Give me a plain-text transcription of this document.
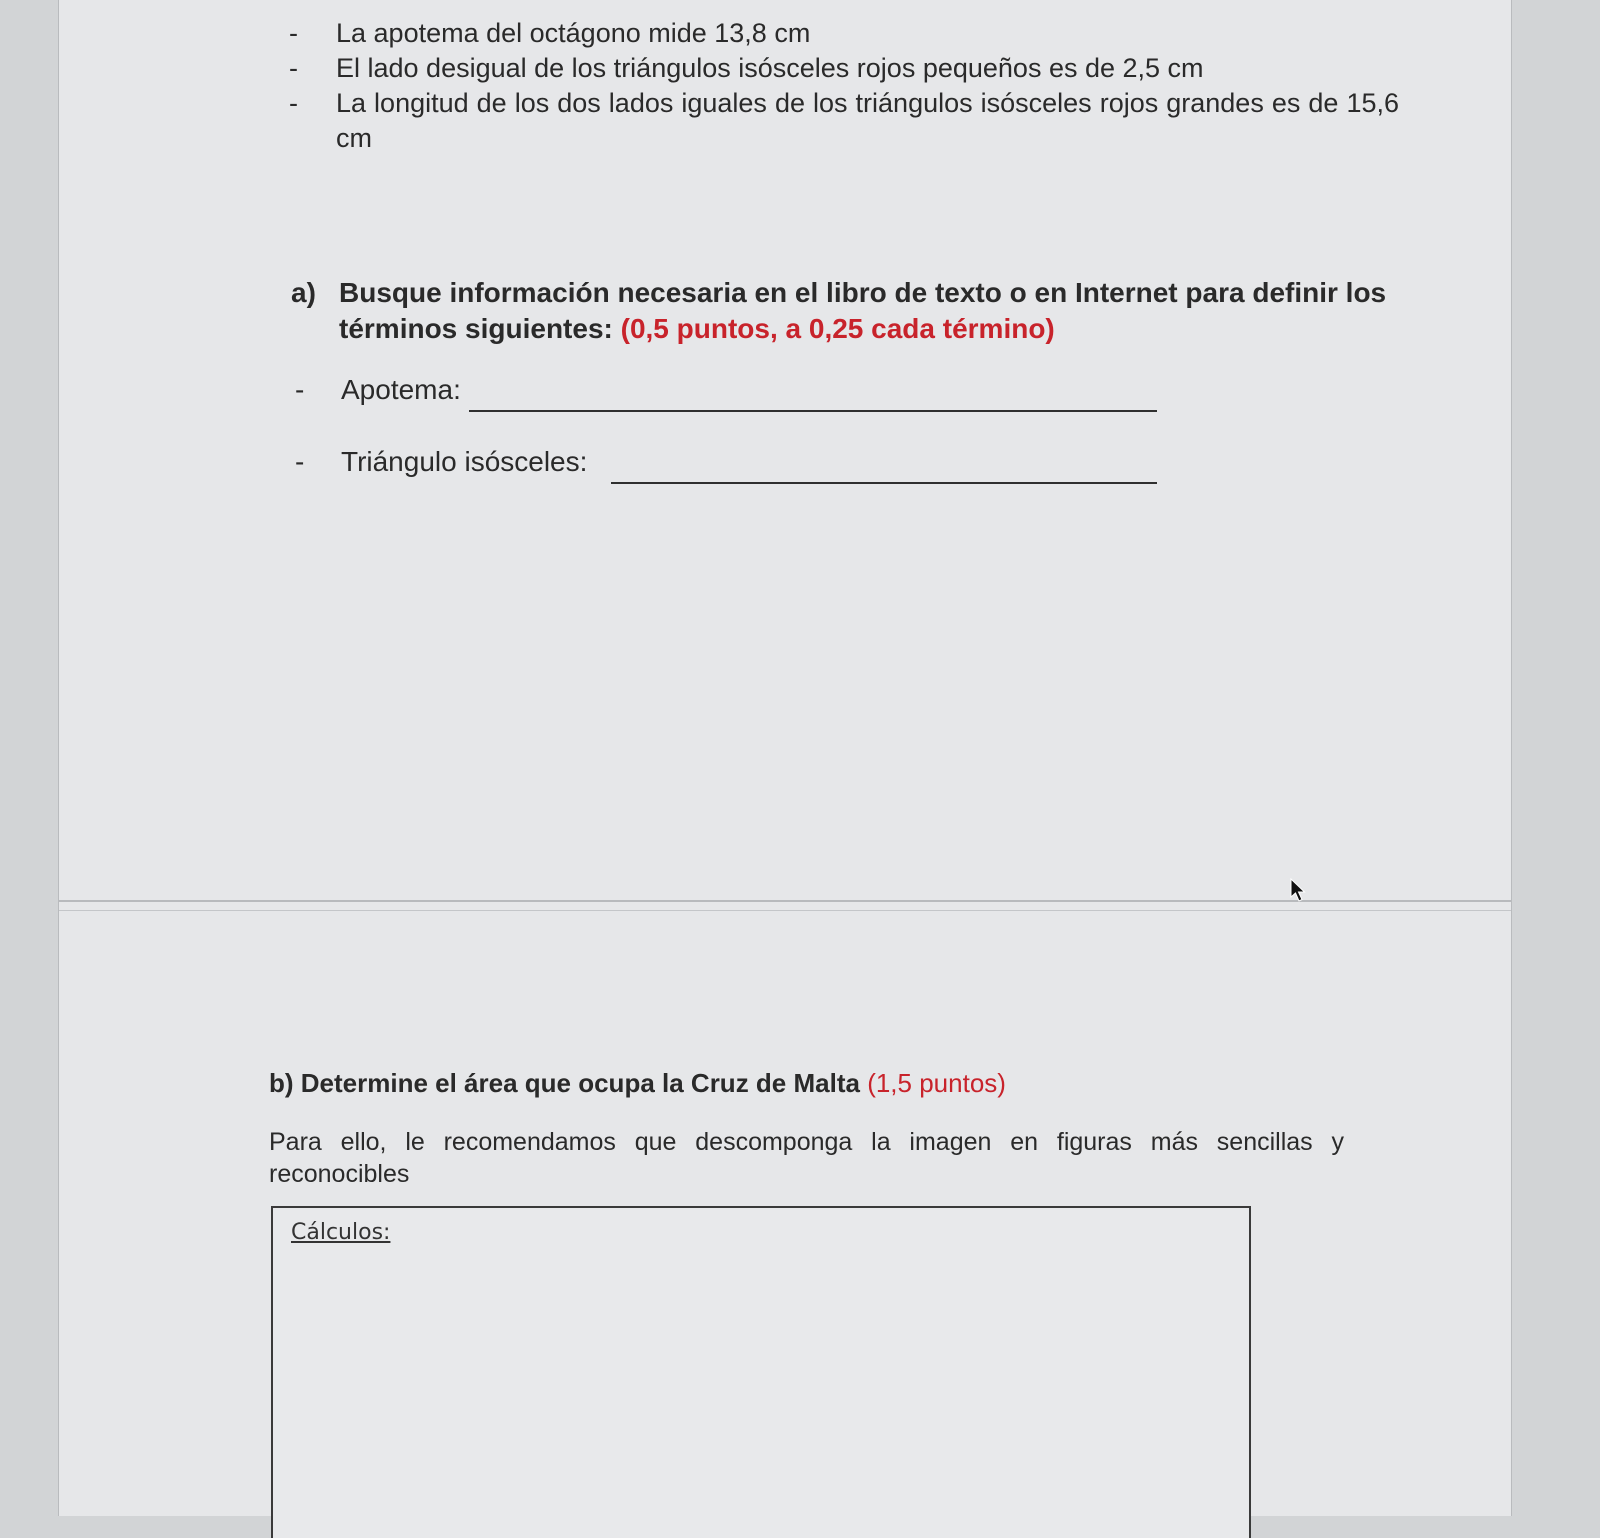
- La apotema del octágono mide 13,8 cm
- El lado desigual de los triángulos isósceles rojos pequeños es de 2,5 cm
- La longitud de los dos lados iguales de los triángulos isósceles rojos grandes es de 15,6 cm
a) Busque información necesaria en el libro de texto o en Internet para definir los términos siguientes: (0,5 puntos, a 0,25 cada término)
- Apotema:
- Triángulo isósceles:
b) Determine el área que ocupa la Cruz de Malta (1,5 puntos)
Para ello, le recomendamos que descomponga la imagen en figuras más sencillas y reconocibles
Cálculos:
